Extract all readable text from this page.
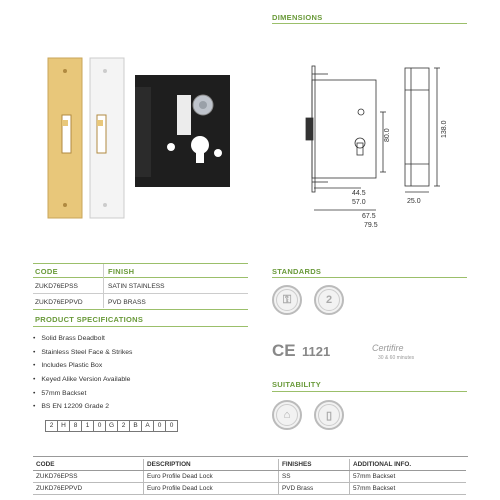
DIMENSIONS
80.0	138.0
44.5
57.0
67.5
79.5
25.0
CODE	FINISH
ZUKD76EPSS	SATIN STAINLESS
ZUKD76EPPVD	PVD BRASS
PRODUCT SPECIFICATIONS
• Solid Brass Deadbolt
• Stainless Steel Face & Strikes
• Includes Plastic Box
• Keyed Alike Version Available
• 57mm Backset
• BS EN 12209 Grade 2
2	H	8	1	0	G	2	B	A	0	0
STANDARDS
⚿	2
CE 1121	Certifire
30 & 60 minutes
SUITABILITY
⌂	▯
CODE	DESCRIPTION	FINISHES	ADDITIONAL INFO.
ZUKD76EPSS	Euro Profile Dead Lock	SS	57mm Backset
ZUKD76EPPVD	Euro Profile Dead Lock	PVD Brass	57mm Backset
